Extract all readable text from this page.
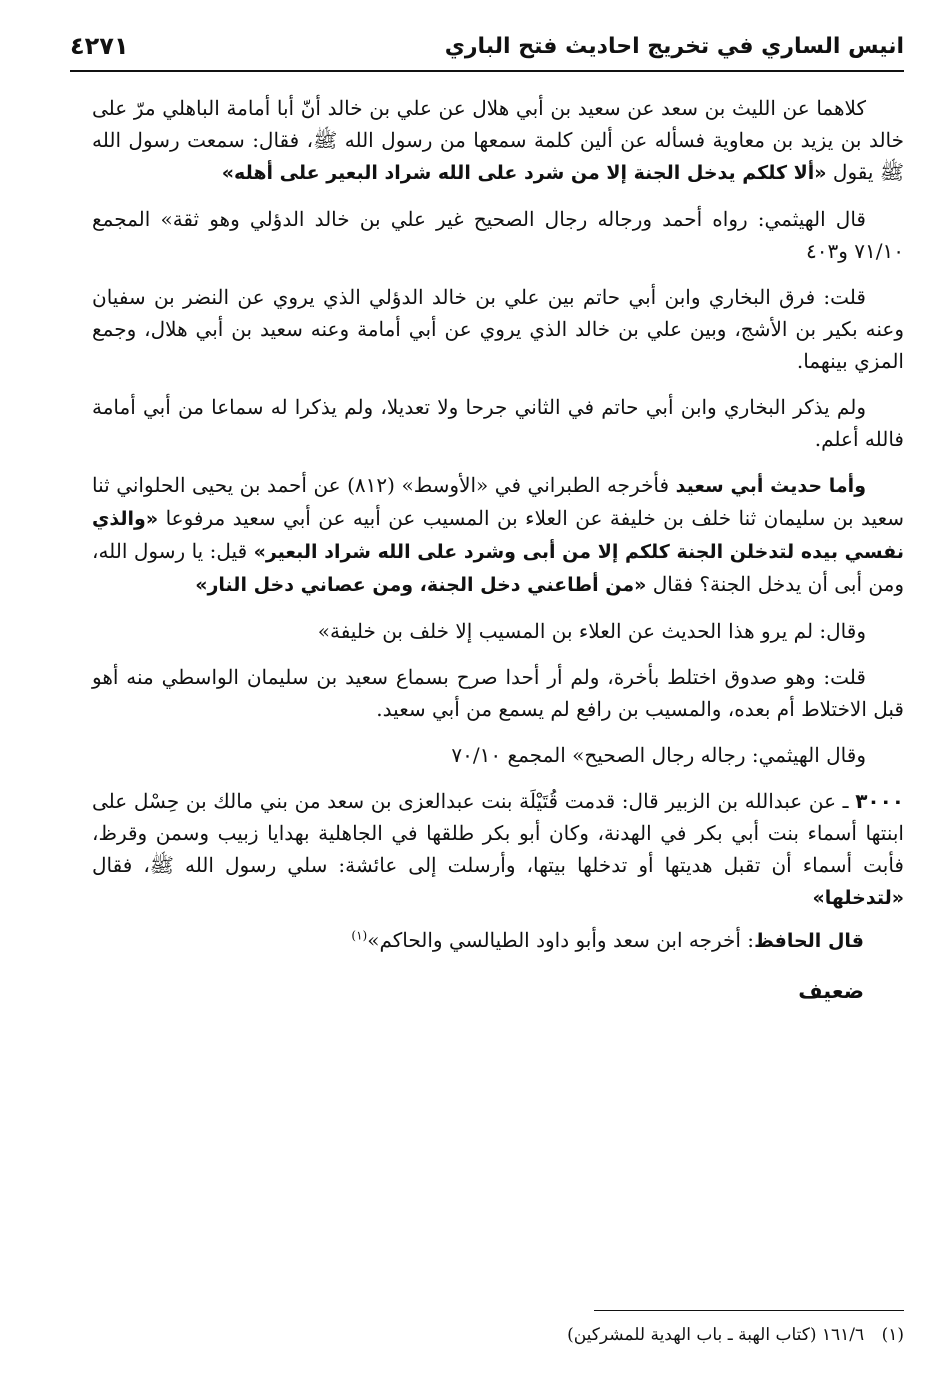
انيس الساري في تخريج احاديث فتح الباري
٤٢٧١

كلاهما عن الليث بن سعد عن سعيد بن أبي هلال عن علي بن خالد أنّ أبا أمامة الباهلي مرّ على خالد بن يزيد بن معاوية فسأله عن ألين كلمة سمعها من رسول الله ﷺ، فقال: سمعت رسول الله ﷺ يقول «ألا كلكم يدخل الجنة إلا من شرد على الله شراد البعير على أهله»

قال الهيثمي: رواه أحمد ورجاله رجال الصحيح غير علي بن خالد الدؤلي وهو ثقة» المجمع ٧١/١٠ و٤٠٣

قلت: فرق البخاري وابن أبي حاتم بين علي بن خالد الدؤلي الذي يروي عن النضر بن سفيان وعنه بكير بن الأشج، وبين علي بن خالد الذي يروي عن أبي أمامة وعنه سعيد بن أبي هلال، وجمع المزي بينهما.

ولم يذكر البخاري وابن أبي حاتم في الثاني جرحا ولا تعديلا، ولم يذكرا له سماعا من أبي أمامة فالله أعلم.

وأما حديث أبي سعيد فأخرجه الطبراني في «الأوسط» (٨١٢) عن أحمد بن يحيى الحلواني ثنا سعيد بن سليمان ثنا خلف بن خليفة عن العلاء بن المسيب عن أبيه عن أبي سعيد مرفوعا «والذي نفسي بيده لتدخلن الجنة كلكم إلا من أبى وشرد على الله شراد البعير» قيل: يا رسول الله، ومن أبى أن يدخل الجنة؟ فقال «من أطاعني دخل الجنة، ومن عصاني دخل النار»

وقال: لم يرو هذا الحديث عن العلاء بن المسيب إلا خلف بن خليفة»

قلت: وهو صدوق اختلط بأخرة، ولم أر أحدا صرح بسماع سعيد بن سليمان الواسطي منه أهو قبل الاختلاط أم بعده، والمسيب بن رافع لم يسمع من أبي سعيد.

وقال الهيثمي: رجاله رجال الصحيح» المجمع ٧٠/١٠

٣٠٠٠ ـ عن عبدالله بن الزبير قال: قدمت قُتَيْلَة بنت عبدالعزى بن سعد من بني مالك بن حِسْل على ابنتها أسماء بنت أبي بكر في الهدنة، وكان أبو بكر طلقها في الجاهلية بهدايا زبيب وسمن وقرظ، فأبت أسماء أن تقبل هديتها أو تدخلها بيتها، وأرسلت إلى عائشة: سلي رسول الله ﷺ، فقال «لتدخلها»

قال الحافظ: أخرجه ابن سعد وأبو داود الطيالسي والحاكم»$^{(١)}$

ضعيف
(١) ١٦١/٦ (كتاب الهبة ـ باب الهدية للمشركين)
